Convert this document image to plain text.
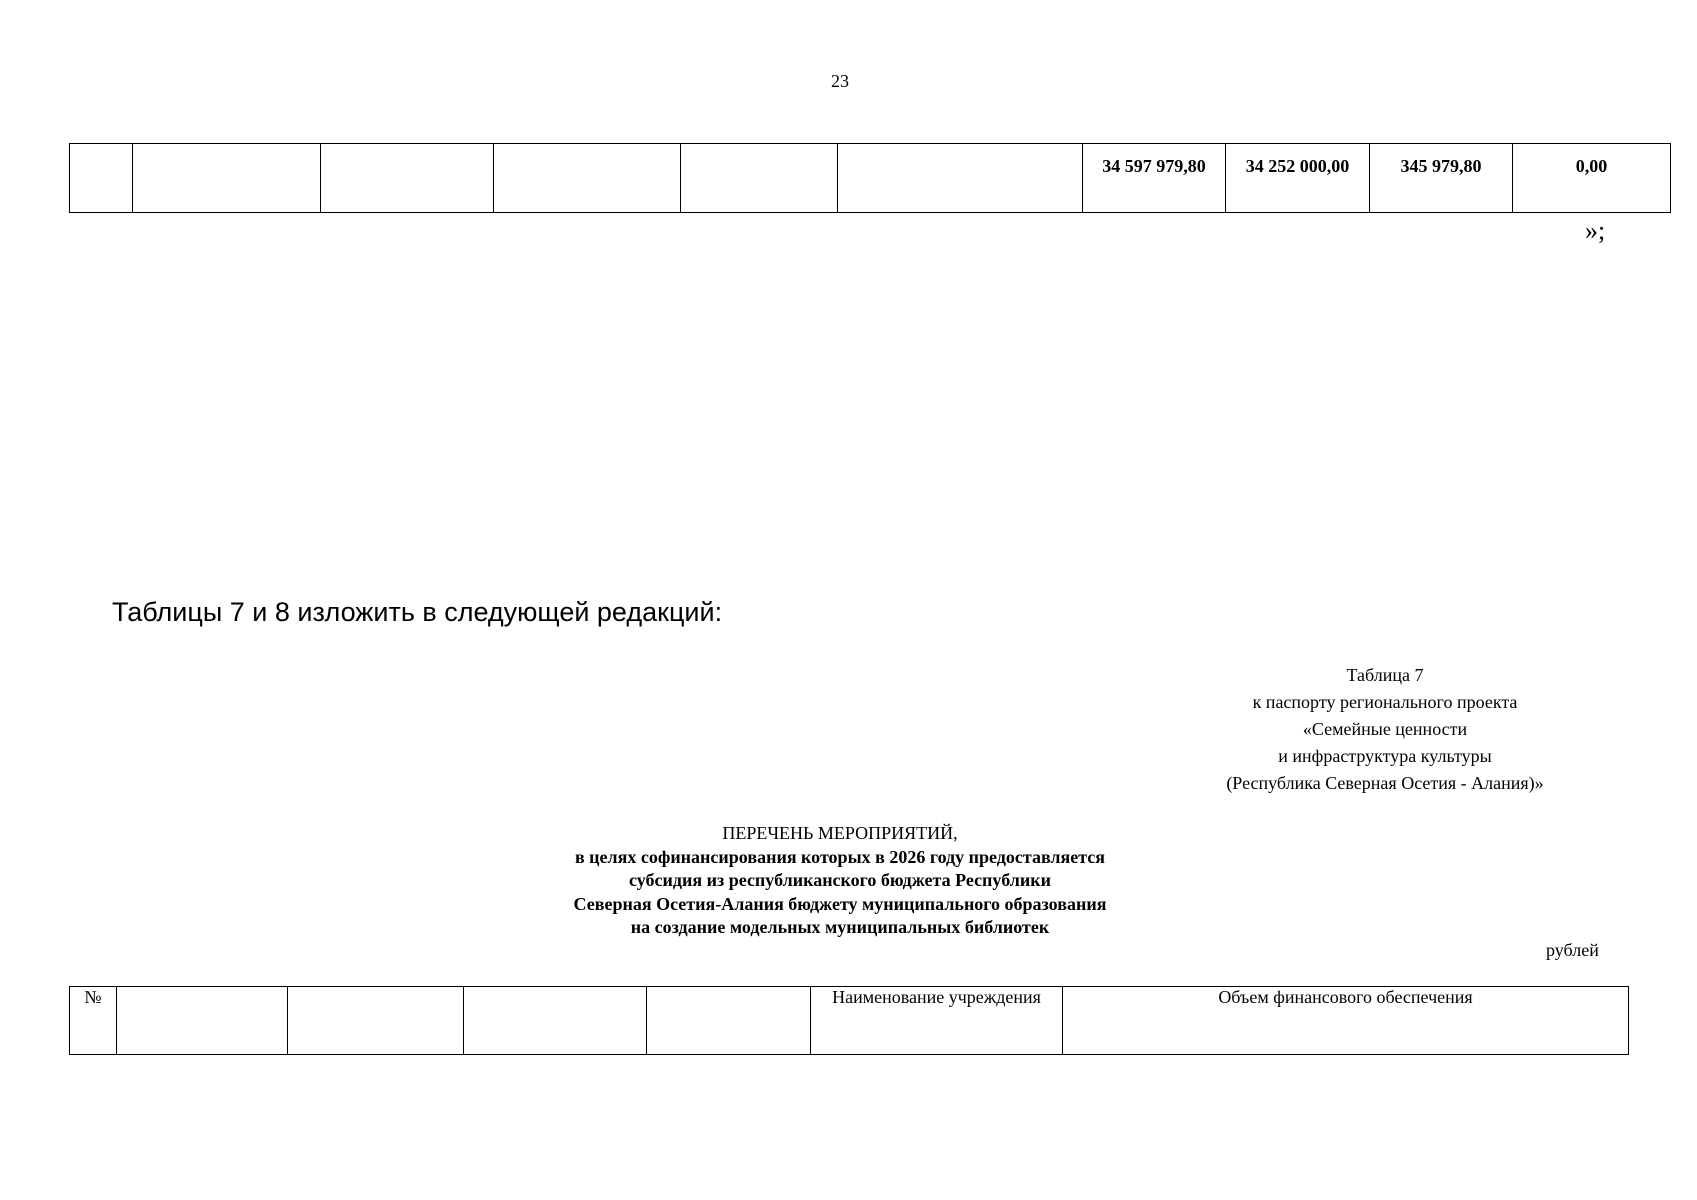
23
						34 597 979,80	34 252 000,00	345 979,80	0,00
»;
Таблицы 7 и 8 изложить в следующей редакций:
Таблица 7
к паспорту регионального проекта
«Семейные ценности
и инфраструктура культуры
(Республика Северная Осетия - Алания)»
ПЕРЕЧЕНЬ МЕРОПРИЯТИЙ,
в целях софинансирования которых в 2026 году предоставляется
субсидия из республиканского бюджета Республики
Северная Осетия-Алания бюджету муниципального образования
на создание модельных муниципальных библиотек
рублей
№					Наименование учреждения	Объем финансового обеспечения
